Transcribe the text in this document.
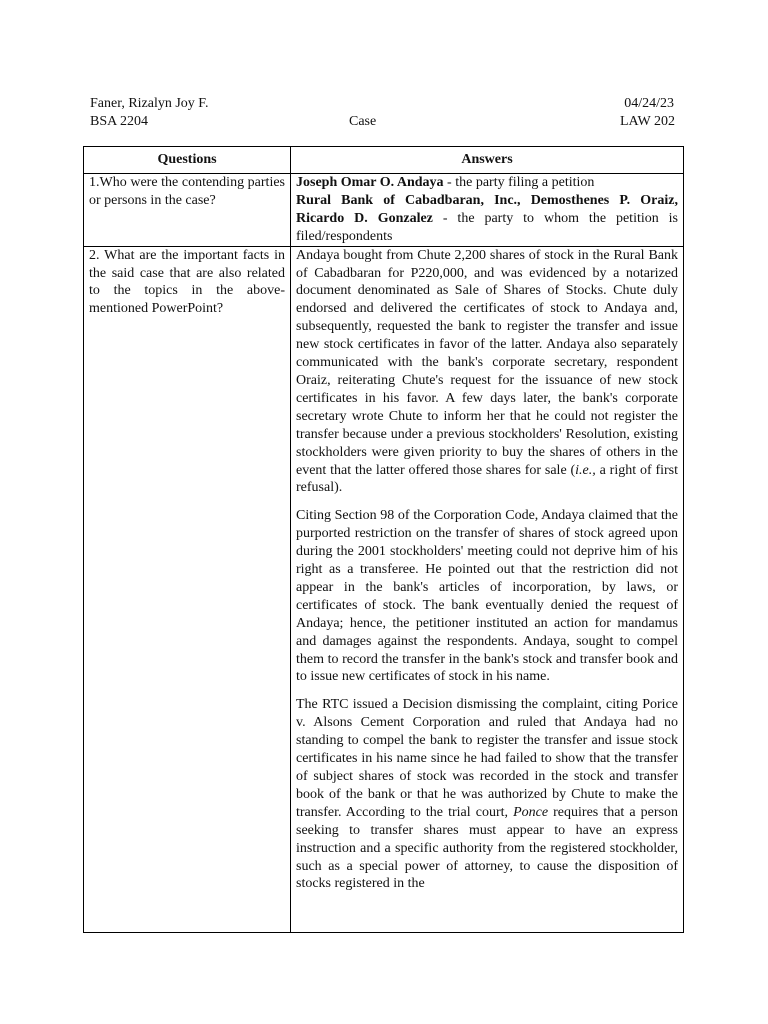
Faner, Rizalyn Joy F.
BSA 2204	Case
04/24/23
LAW 202
Questions	Answers
1.Who were the contending parties or persons in the case?	Joseph Omar O. Andaya - the party filing a petition
Rural Bank of Cabadbaran, Inc., Demosthenes P. Oraiz, Ricardo D. Gonzalez - the party to whom the petition is filed/respondents

2. What are the important facts in the said case that are also related to the topics in the above-mentioned PowerPoint?	Andaya bought from Chute 2,200 shares of stock in the Rural Bank of Cabadbaran for P220,000, and was evidenced by a notarized document denominated as Sale of Shares of Stocks. Chute duly endorsed and delivered the certificates of stock to Andaya and, subsequently, requested the bank to register the transfer and issue new stock certificates in favor of the latter. Andaya also separately communicated with the bank's corporate secretary, respondent Oraiz, reiterating Chute's request for the issuance of new stock certificates in his favor. A few days later, the bank's corporate secretary wrote Chute to inform her that he could not register the transfer because under a previous stockholders' Resolution, existing stockholders were given priority to buy the shares of others in the event that the latter offered those shares for sale (i.e., a right of first refusal).

Citing Section 98 of the Corporation Code, Andaya claimed that the purported restriction on the transfer of shares of stock agreed upon during the 2001 stockholders' meeting could not deprive him of his right as a transferee. He pointed out that the restriction did not appear in the bank's articles of incorporation, by laws, or certificates of stock. The bank eventually denied the request of Andaya; hence, the petitioner instituted an action for mandamus and damages against the respondents. Andaya, sought to compel them to record the transfer in the bank's stock and transfer book and to issue new certificates of stock in his name.

The RTC issued a Decision dismissing the complaint, citing Porice v. Alsons Cement Corporation and ruled that Andaya had no standing to compel the bank to register the transfer and issue stock certificates in his name since he had failed to show that the transfer of subject shares of stock was recorded in the stock and transfer book of the bank or that he was authorized by Chute to make the transfer. According to the trial court, Ponce requires that a person seeking to transfer shares must appear to have an express instruction and a specific authority from the registered stockholder, such as a special power of attorney, to cause the disposition of stocks registered in the
